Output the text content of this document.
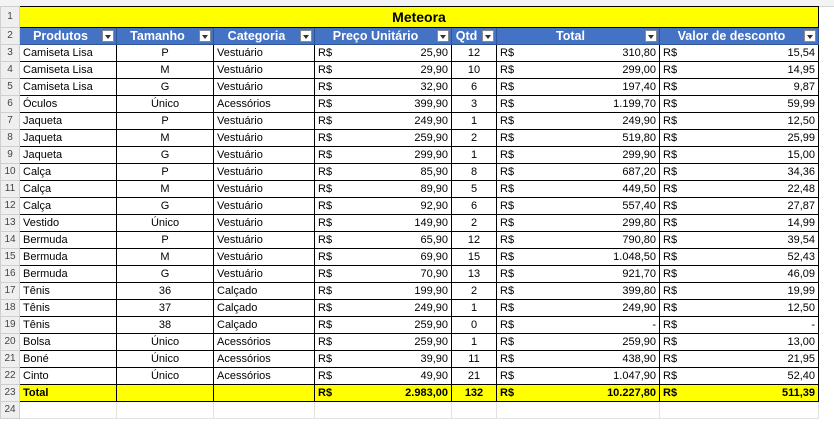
1	Meteora						
2	Produtos	Tamanho	Categoria	Preço Unitário	Qtd	Total	Valor de desconto

3	Camiseta Lisa	P	Vestuário	R$ 25,90	12	R$ 310,80	R$ 15,54

4	Camiseta Lisa	M	Vestuário	R$ 29,90	10	R$ 299,00	R$ 14,95

5	Camiseta Lisa	G	Vestuário	R$ 32,90	6	R$ 197,40	R$ 9,87

6	Óculos	Único	Acessórios	R$ 399,90	3	R$ 1.199,70	R$ 59,99

7	Jaqueta	P	Vestuário	R$ 249,90	1	R$ 249,90	R$ 12,50

8	Jaqueta	M	Vestuário	R$ 259,90	2	R$ 519,80	R$ 25,99

9	Jaqueta	G	Vestuário	R$ 299,90	1	R$ 299,90	R$ 15,00

10	Calça	P	Vestuário	R$ 85,90	8	R$ 687,20	R$ 34,36

11	Calça	M	Vestuário	R$ 89,90	5	R$ 449,50	R$ 22,48

12	Calça	G	Vestuário	R$ 92,90	6	R$ 557,40	R$ 27,87

13	Vestido	Único	Vestuário	R$ 149,90	2	R$ 299,80	R$ 14,99

14	Bermuda	P	Vestuário	R$ 65,90	12	R$ 790,80	R$ 39,54

15	Bermuda	M	Vestuário	R$ 69,90	15	R$ 1.048,50	R$ 52,43

16	Bermuda	G	Vestuário	R$ 70,90	13	R$ 921,70	R$ 46,09

17	Tênis	36	Calçado	R$ 199,90	2	R$ 399,80	R$ 19,99

18	Tênis	37	Calçado	R$ 249,90	1	R$ 249,90	R$ 12,50

19	Tênis	38	Calçado	R$ 259,90	0	R$ -	R$ -

20	Bolsa	Único	Acessórios	R$ 259,90	1	R$ 259,90	R$ 13,00

21	Boné	Único	Acessórios	R$ 39,90	11	R$ 438,90	R$ 21,95

22	Cinto	Único	Acessórios	R$ 49,90	21	R$ 1.047,90	R$ 52,40

23	Total			R$ 2.983,00	132	R$ 10.227,80	R$ 511,39

24							
